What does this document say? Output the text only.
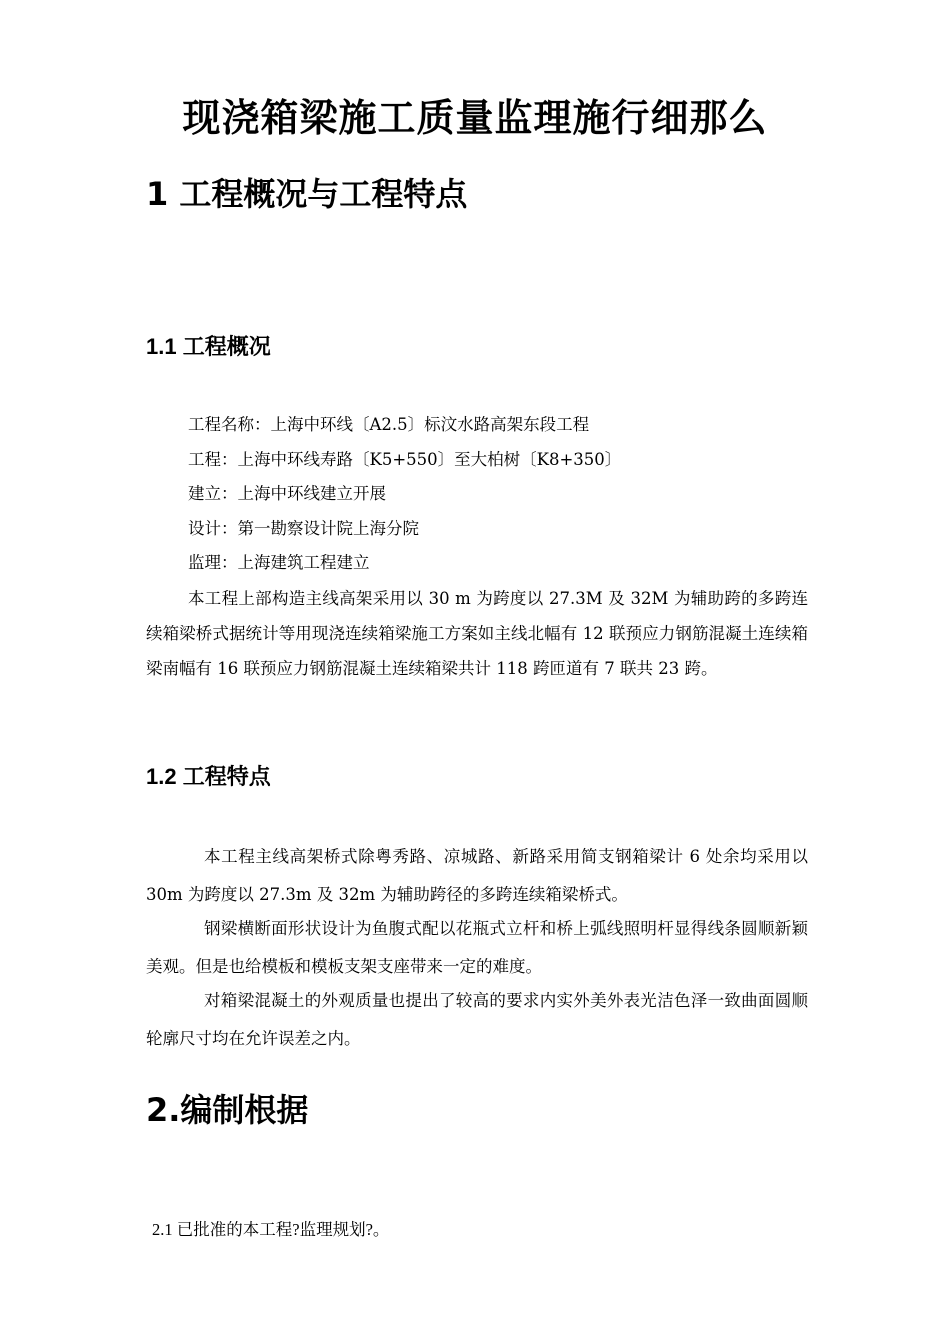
现浇箱梁施工质量监理施行细那么
1 工程概况与工程特点
1.1 工程概况

工程名称：上海中环线〔A2.5〕标汶水路高架东段工程

工程：上海中环线寿路〔K5+550〕至大柏树〔K8+350〕

建立：上海中环线建立开展

设计：第一勘察设计院上海分院

监理：上海建筑工程建立

本工程上部构造主线高架采用以 30 m 为跨度以 27.3M 及 32M 为辅助跨的多跨连续箱梁桥式据统计等用现浇连续箱梁施工方案如主线北幅有 12 联预应力钢筋混凝土连续箱梁南幅有 16 联预应力钢筋混凝土连续箱梁共计 118 跨匝道有 7 联共 23 跨。

1.2 工程特点

本工程主线高架桥式除粤秀路、凉城路、新路采用简支钢箱梁计 6 处余均采用以 30m 为跨度以 27.3m 及 32m 为辅助跨径的多跨连续箱梁桥式。

钢梁横断面形状设计为鱼腹式配以花瓶式立杆和桥上弧线照明杆显得线条圆顺新颖美观。但是也给模板和模板支架支座带来一定的难度。

对箱梁混凝土的外观质量也提出了较高的要求内实外美外表光洁色泽一致曲面圆顺轮廓尺寸均在允许误差之内。

2.编制根据

2.1 已批准的本工程?监理规划?。
